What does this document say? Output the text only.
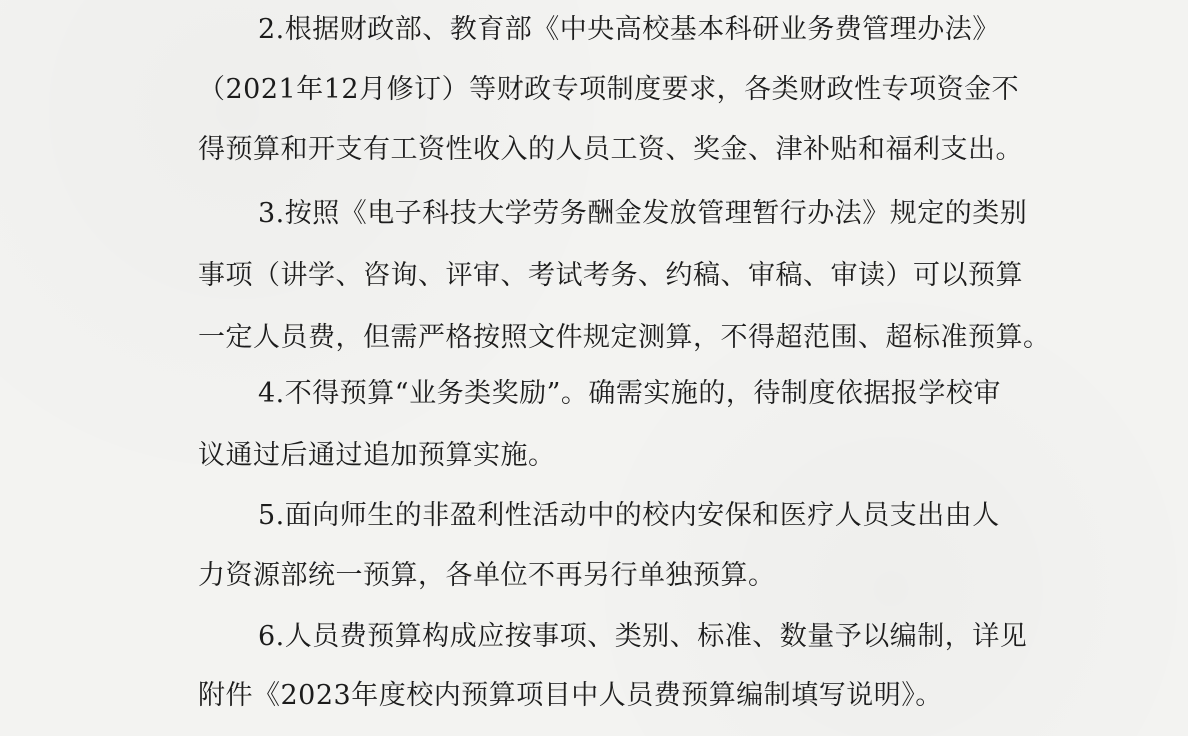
2.根据财政部、教育部《中央高校基本科研业务费管理办法》
（2021年12月修订）等财政专项制度要求，各类财政性专项资金不
得预算和开支有工资性收入的人员工资、奖金、津补贴和福利支出。
3.按照《电子科技大学劳务酬金发放管理暂行办法》规定的类别
事项（讲学、咨询、评审、考试考务、约稿、审稿、审读）可以预算
一定人员费，但需严格按照文件规定测算，不得超范围、超标准预算。
4.不得预算“业务类奖励”。确需实施的，待制度依据报学校审
议通过后通过追加预算实施。
5.面向师生的非盈利性活动中的校内安保和医疗人员支出由人
力资源部统一预算，各单位不再另行单独预算。
6.人员费预算构成应按事项、类别、标准、数量予以编制，详见
附件《2023年度校内预算项目中人员费预算编制填写说明》。
